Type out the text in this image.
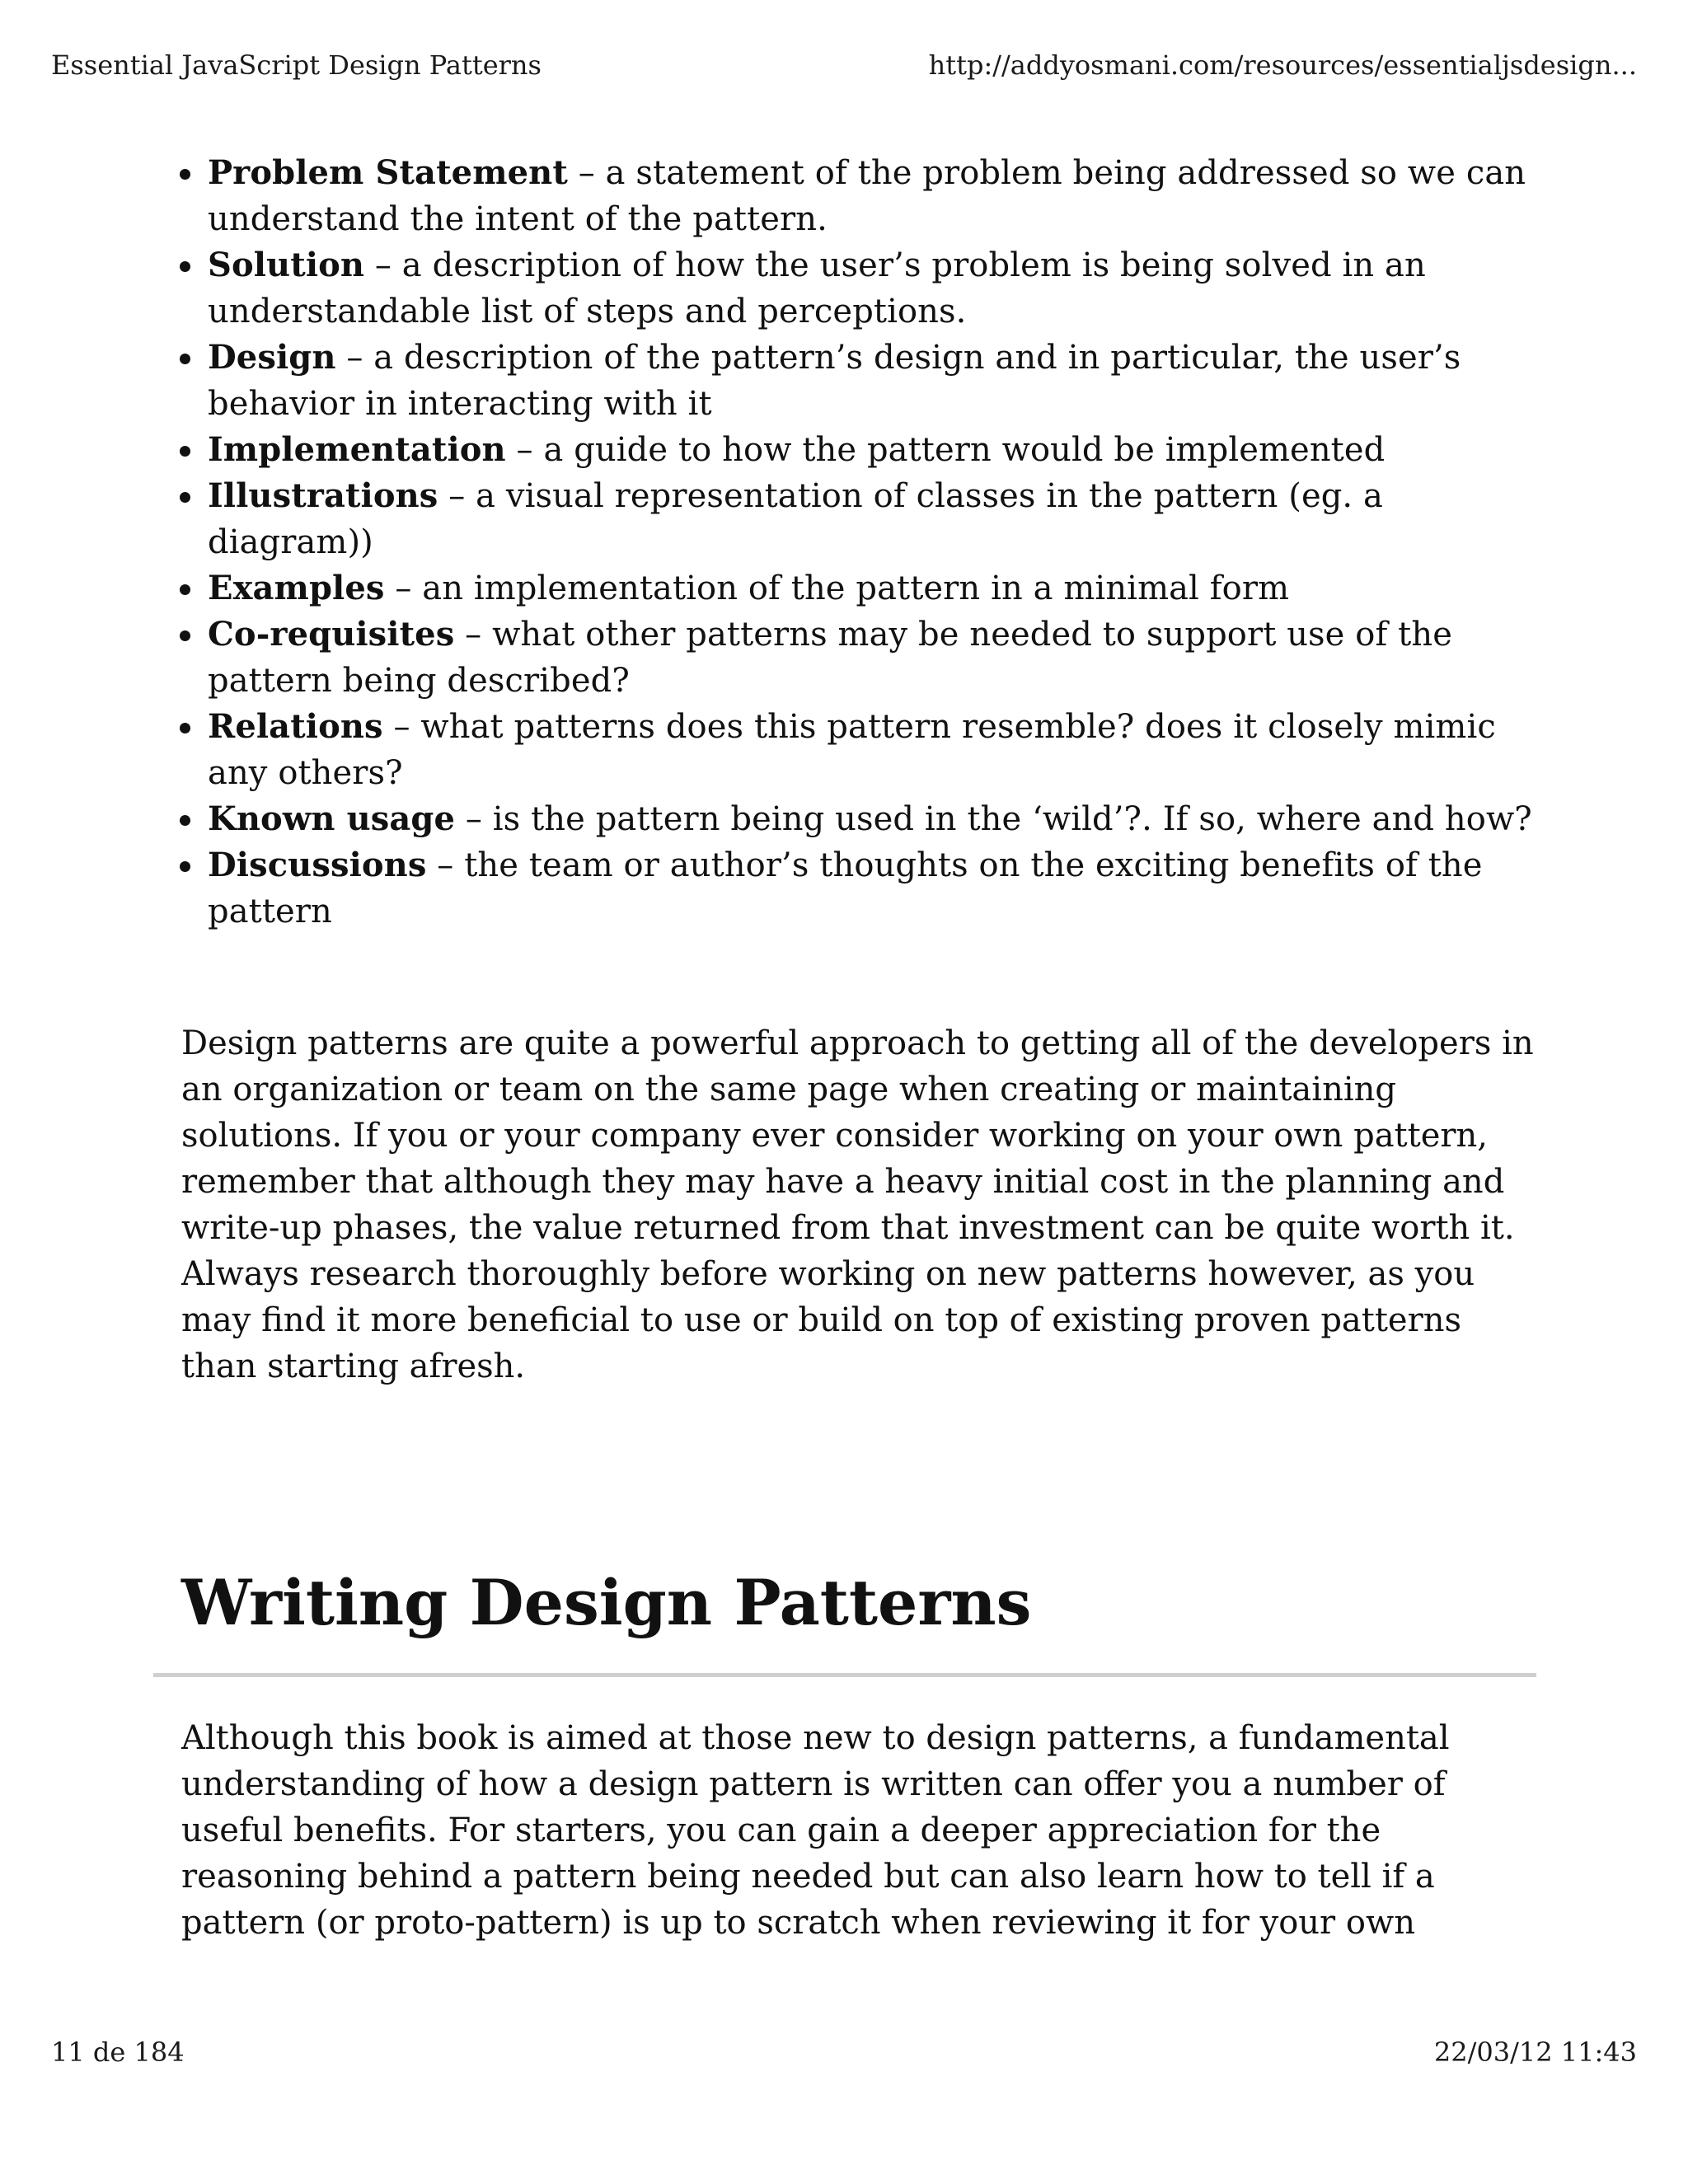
Essential JavaScript Design Patterns	http://addyosmani.com/resources/essentialjsdesign...
Problem Statement – a statement of the problem being addressed so we can understand the intent of the pattern.
Solution – a description of how the user’s problem is being solved in an understandable list of steps and perceptions.
Design – a description of the pattern’s design and in particular, the user’s behavior in interacting with it
Implementation – a guide to how the pattern would be implemented
Illustrations – a visual representation of classes in the pattern (eg. a diagram))
Examples – an implementation of the pattern in a minimal form
Co-requisites – what other patterns may be needed to support use of the pattern being described?
Relations – what patterns does this pattern resemble? does it closely mimic any others?
Known usage – is the pattern being used in the ‘wild’?. If so, where and how?
Discussions – the team or author’s thoughts on the exciting benefits of the pattern

Design patterns are quite a powerful approach to getting all of the developers in an organization or team on the same page when creating or maintaining solutions. If you or your company ever consider working on your own pattern, remember that although they may have a heavy initial cost in the planning and write-up phases, the value returned from that investment can be quite worth it. Always research thoroughly before working on new patterns however, as you may find it more beneficial to use or build on top of existing proven patterns than starting afresh.

Writing Design Patterns

Although this book is aimed at those new to design patterns, a fundamental understanding of how a design pattern is written can offer you a number of useful benefits. For starters, you can gain a deeper appreciation for the reasoning behind a pattern being needed but can also learn how to tell if a pattern (or proto-pattern) is up to scratch when reviewing it for your own

11 de 184	22/03/12 11:43
